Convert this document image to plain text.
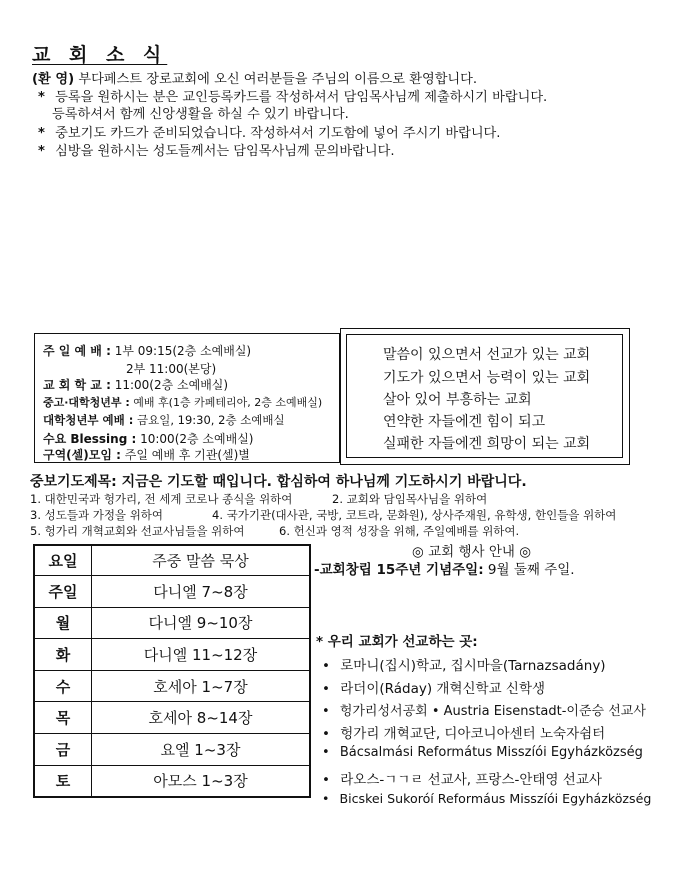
교 회 소 식
(환 영) 부다페스트 장로교회에 오신 여러분들을 주님의 이름으로 환영합니다.
* 등록을 원하시는 분은 교인등록카드를 작성하셔서 담임목사님께 제출하시기 바랍니다.
등록하셔서 함께 신앙생활을 하실 수 있기 바랍니다.
* 중보기도 카드가 준비되었습니다. 작성하셔서 기도함에 넣어 주시기 바랍니다.
* 심방을 원하시는 성도들께서는 담임목사님께 문의바랍니다.
주 일 예 배 : 1부 09:15(2층 소예배실)
2부 11:00(본당)
교 회 학 교 : 11:00(2층 소예배실)
중고·대학청년부 : 예배 후(1층 카페테리아, 2층 소예배실)
대학청년부 예배 : 금요일, 19:30, 2층 소예배실
수요 Blessing : 10:00(2층 소예배실)
구역(셀)모임 : 주일 예배 후 기관(셀)별
말씀이 있으면서 선교가 있는 교회
기도가 있으면서 능력이 있는 교회
살아 있어 부흥하는 교회
연약한 자들에겐 힘이 되고
실패한 자들에겐 희망이 되는 교회
중보기도제목: 지금은 기도할 때입니다. 합심하여 하나님께 기도하시기 바랍니다.
1. 대한민국과 헝가리, 전 세계 코로나 종식을 위하여	2. 교회와 담임목사님을 위하여
3. 성도들과 가정을 위하여	4. 국가기관(대사관, 국방, 코트라, 문화원), 상사주재원, 유학생, 한인들을 위하여
5. 헝가리 개혁교회와 선교사님들을 위하여	6. 헌신과 영적 성장을 위해, 주일예배를 위하여.
요일	주중 말씀 묵상
주일	다니엘 7~8장
월	다니엘 9~10장
화	다니엘 11~12장
수	호세아 1~7장
목	호세아 8~14장
금	요엘 1~3장
토	아모스 1~3장
◎ 교회 행사 안내 ◎
-교회창립 15주년 기념주일: 9월 둘째 주일.
* 우리 교회가 선교하는 곳:
• 로마니(집시)학교, 집시마을(Tarnazsadány)
• 라더이(Ráday) 개혁신학교 신학생
• 헝가리성서공회 • Austria Eisenstadt-이준승 선교사
• 헝가리 개혁교단, 디아코니아센터 노숙자쉼터
• Bácsalmási Református Misszíói Egyházközség
• 라오스-ㄱㄱㄹ 선교사, 프랑스-안태영 선교사
• Bicskei Sukoróí Reformáus Misszíói Egyházközség
